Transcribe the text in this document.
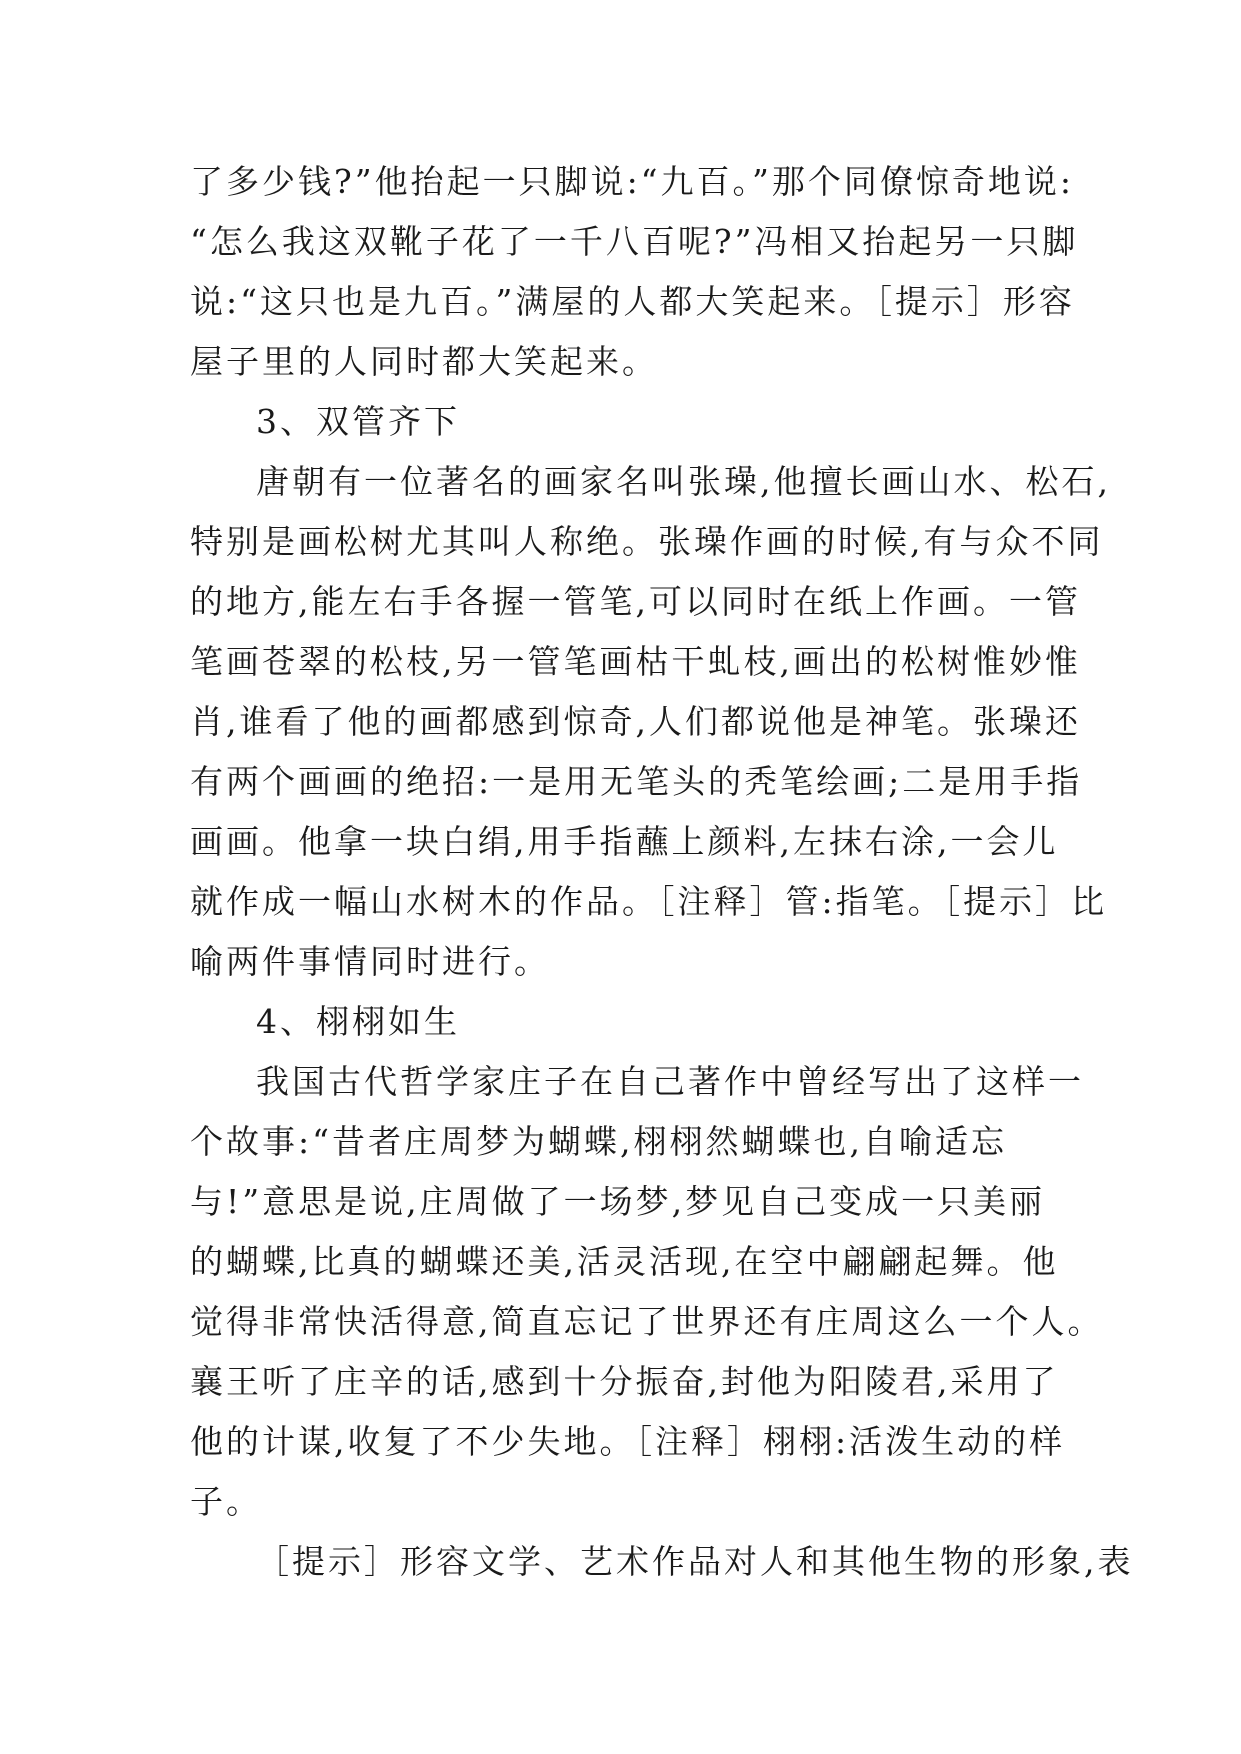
了多少钱?”他抬起一只脚说:“九百。”那个同僚惊奇地说:
“怎么我这双靴子花了一千八百呢?”冯相又抬起另一只脚
说:“这只也是九百。”满屋的人都大笑起来。［提示］形容
屋子里的人同时都大笑起来。
3、双管齐下
唐朝有一位著名的画家名叫张璪,他擅长画山水、松石,
特别是画松树尤其叫人称绝。张璪作画的时候,有与众不同
的地方,能左右手各握一管笔,可以同时在纸上作画。一管
笔画苍翠的松枝,另一管笔画枯干虬枝,画出的松树惟妙惟
肖,谁看了他的画都感到惊奇,人们都说他是神笔。张璪还
有两个画画的绝招:一是用无笔头的秃笔绘画;二是用手指
画画。他拿一块白绢,用手指蘸上颜料,左抹右涂,一会儿
就作成一幅山水树木的作品。［注释］管:指笔。［提示］比
喻两件事情同时进行。
4、栩栩如生
我国古代哲学家庄子在自己著作中曾经写出了这样一
个故事:“昔者庄周梦为蝴蝶,栩栩然蝴蝶也,自喻适忘
与!”意思是说,庄周做了一场梦,梦见自己变成一只美丽
的蝴蝶,比真的蝴蝶还美,活灵活现,在空中翩翩起舞。他
觉得非常快活得意,简直忘记了世界还有庄周这么一个人。
襄王听了庄辛的话,感到十分振奋,封他为阳陵君,采用了
他的计谋,收复了不少失地。［注释］栩栩:活泼生动的样
子。
［提示］形容文学、艺术作品对人和其他生物的形象,表
